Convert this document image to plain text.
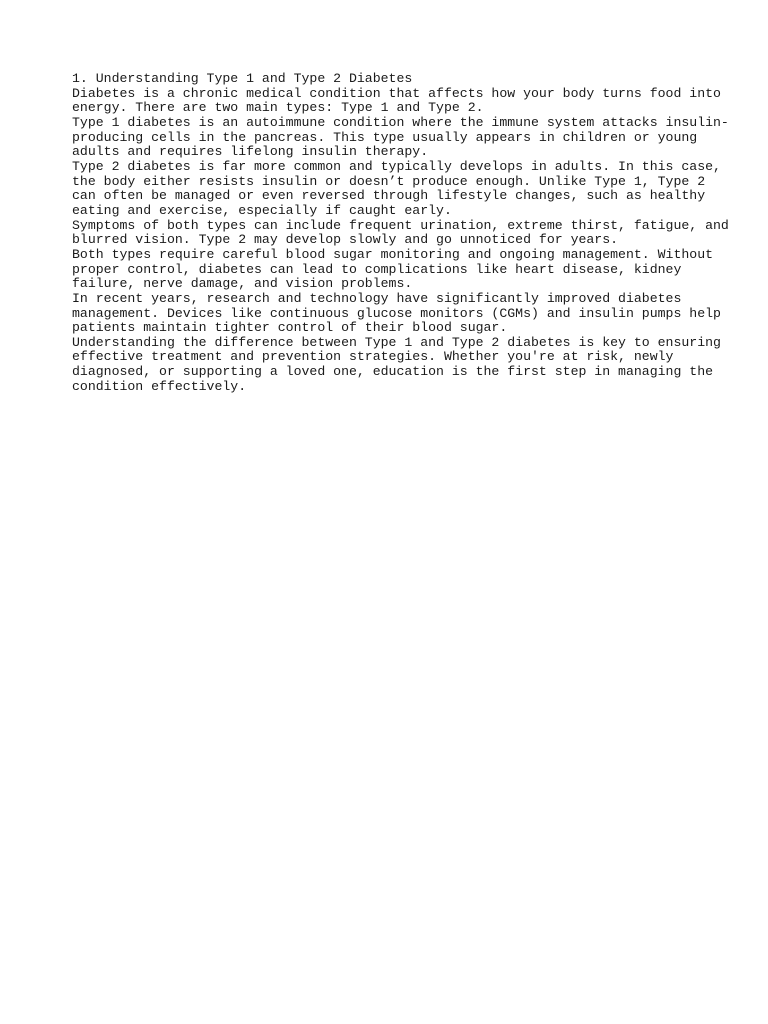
1. Understanding Type 1 and Type 2 Diabetes
Diabetes is a chronic medical condition that affects how your body turns food into
energy. There are two main types: Type 1 and Type 2.
Type 1 diabetes is an autoimmune condition where the immune system attacks insulin-
producing cells in the pancreas. This type usually appears in children or young
adults and requires lifelong insulin therapy.
Type 2 diabetes is far more common and typically develops in adults. In this case,
the body either resists insulin or doesn’t produce enough. Unlike Type 1, Type 2
can often be managed or even reversed through lifestyle changes, such as healthy
eating and exercise, especially if caught early.
Symptoms of both types can include frequent urination, extreme thirst, fatigue, and
blurred vision. Type 2 may develop slowly and go unnoticed for years.
Both types require careful blood sugar monitoring and ongoing management. Without
proper control, diabetes can lead to complications like heart disease, kidney
failure, nerve damage, and vision problems.
In recent years, research and technology have significantly improved diabetes
management. Devices like continuous glucose monitors (CGMs) and insulin pumps help
patients maintain tighter control of their blood sugar.
Understanding the difference between Type 1 and Type 2 diabetes is key to ensuring
effective treatment and prevention strategies. Whether you're at risk, newly
diagnosed, or supporting a loved one, education is the first step in managing the
condition effectively.
